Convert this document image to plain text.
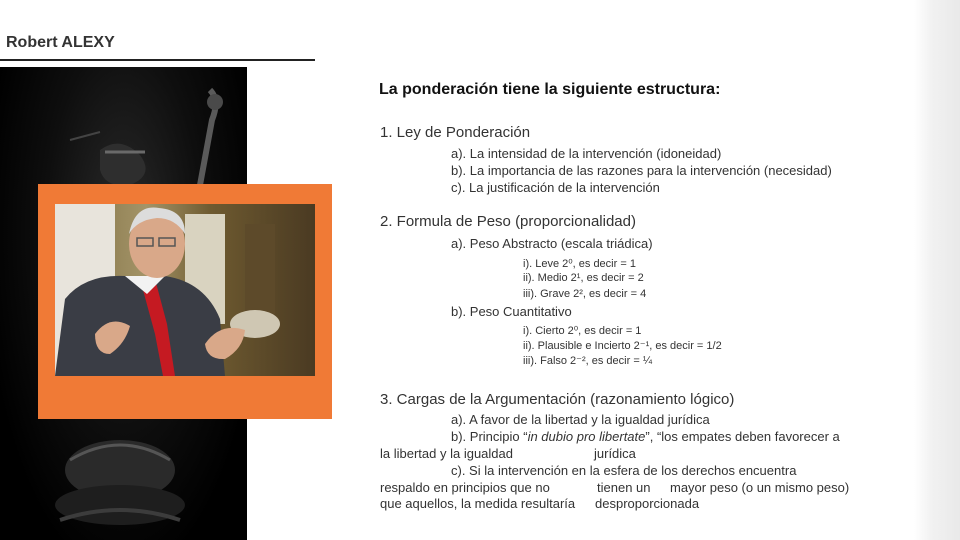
Robert ALEXY
La ponderación tiene la siguiente estructura:
1. Ley de Ponderación
a). La intensidad de la intervención (idoneidad)
b). La importancia de las razones para la intervención (necesidad)
c). La justificación de la intervención
2. Formula de Peso (proporcionalidad)
a). Peso Abstracto (escala triádica)
i). Leve 2⁰, es decir = 1
ii). Medio 2¹, es decir = 2
iii). Grave 2², es decir = 4
b). Peso Cuantitativo
i). Cierto 2⁰, es decir = 1
ii). Plausible e Incierto 2⁻¹, es decir = 1/2
iii). Falso 2⁻², es decir = ¼
3. Cargas de la Argumentación (razonamiento lógico)
a). A favor de la libertad y la igualdad jurídica
b). Principio “in dubio pro libertate”, “los empates deben favorecer a
la libertad y la igualdad	jurídica
c). Si la intervención en la esfera de los derechos encuentra
respaldo en principios que no	tienen un mayor peso (o un mismo peso)
que aquellos, la medida resultaría desproporcionada
